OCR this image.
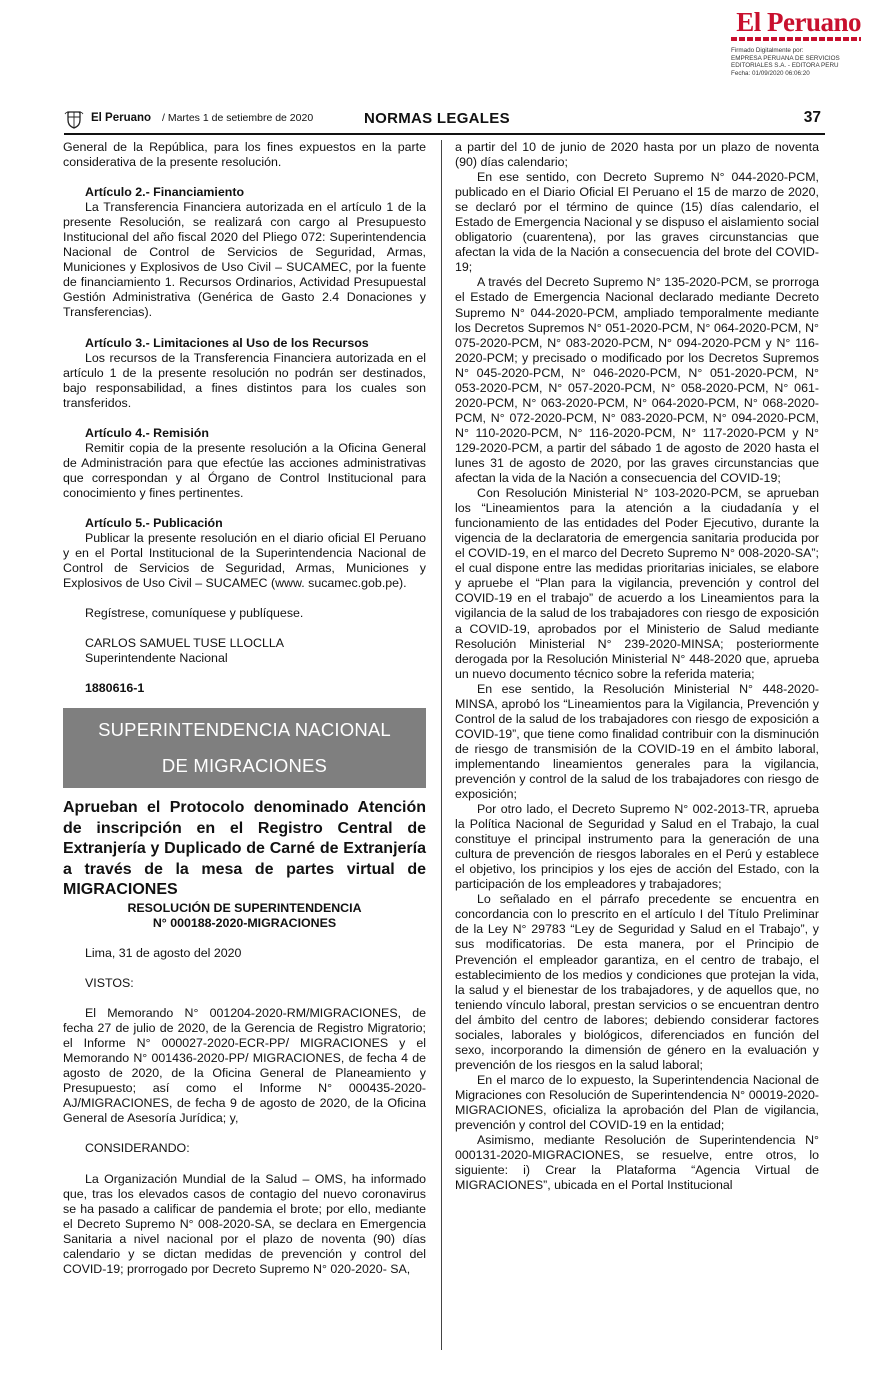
El Peruano
Firmado Digitalmente por:
EMPRESA PERUANA DE SERVICIOS
EDITORIALES S.A. - EDITORA PERU
Fecha: 01/09/2020 06:06:20
El Peruano / Martes 1 de setiembre de 2020	NORMAS LEGALES	37

General de la República, para los fines expuestos en la parte considerativa de la presente resolución.

Artículo 2.- Financiamiento

La Transferencia Financiera autorizada en el artículo 1 de la presente Resolución, se realizará con cargo al Presupuesto Institucional del año fiscal 2020 del Pliego 072: Superintendencia Nacional de Control de Servicios de Seguridad, Armas, Municiones y Explosivos de Uso Civil – SUCAMEC, por la fuente de financiamiento 1. Recursos Ordinarios, Actividad Presupuestal Gestión Administrativa (Genérica de Gasto 2.4 Donaciones y Transferencias).

Artículo 3.- Limitaciones al Uso de los Recursos

Los recursos de la Transferencia Financiera autorizada en el artículo 1 de la presente resolución no podrán ser destinados, bajo responsabilidad, a fines distintos para los cuales son transferidos.

Artículo 4.- Remisión

Remitir copia de la presente resolución a la Oficina General de Administración para que efectúe las acciones administrativas que correspondan y al Órgano de Control Institucional para conocimiento y fines pertinentes.

Artículo 5.- Publicación

Publicar la presente resolución en el diario oficial El Peruano y en el Portal Institucional de la Superintendencia Nacional de Control de Servicios de Seguridad, Armas, Municiones y Explosivos de Uso Civil – SUCAMEC (www. sucamec.gob.pe).

Regístrese, comuníquese y publíquese.

CARLOS SAMUEL TUSE LLOCLLA

Superintendente Nacional

1880616-1

SUPERINTENDENCIA NACIONAL
DE MIGRACIONES

Aprueban el Protocolo denominado Atención de inscripción en el Registro Central de Extranjería y Duplicado de Carné de Extranjería a través de la mesa de partes virtual de MIGRACIONES

RESOLUCIÓN DE SUPERINTENDENCIA

N° 000188-2020-MIGRACIONES

Lima, 31 de agosto del 2020

VISTOS:

El Memorando N° 001204-2020-RM/MIGRACIONES, de fecha 27 de julio de 2020, de la Gerencia de Registro Migratorio; el Informe N° 000027-2020-ECR-PP/ MIGRACIONES y el Memorando N° 001436-2020-PP/ MIGRACIONES, de fecha 4 de agosto de 2020, de la Oficina General de Planeamiento y Presupuesto; así como el Informe N° 000435-2020-AJ/MIGRACIONES, de fecha 9 de agosto de 2020, de la Oficina General de Asesoría Jurídica; y,

CONSIDERANDO:

La Organización Mundial de la Salud – OMS, ha informado que, tras los elevados casos de contagio del nuevo coronavirus se ha pasado a calificar de pandemia el brote; por ello, mediante el Decreto Supremo N° 008-2020-SA, se declara en Emergencia Sanitaria a nivel nacional por el plazo de noventa (90) días calendario y se dictan medidas de prevención y control del COVID-19; prorrogado por Decreto Supremo N° 020-2020- SA,

a partir del 10 de junio de 2020 hasta por un plazo de noventa (90) días calendario;

En ese sentido, con Decreto Supremo N° 044-2020-PCM, publicado en el Diario Oficial El Peruano el 15 de marzo de 2020, se declaró por el término de quince (15) días calendario, el Estado de Emergencia Nacional y se dispuso el aislamiento social obligatorio (cuarentena), por las graves circunstancias que afectan la vida de la Nación a consecuencia del brote del COVID-19;

A través del Decreto Supremo N° 135-2020-PCM, se prorroga el Estado de Emergencia Nacional declarado mediante Decreto Supremo N° 044-2020-PCM, ampliado temporalmente mediante los Decretos Supremos N° 051-2020-PCM, N° 064-2020-PCM, N° 075-2020-PCM, N° 083-2020-PCM, N° 094-2020-PCM y N° 116-2020-PCM; y precisado o modificado por los Decretos Supremos N° 045-2020-PCM, N° 046-2020-PCM, N° 051-2020-PCM, N° 053-2020-PCM, N° 057-2020-PCM, N° 058-2020-PCM, N° 061-2020-PCM, N° 063-2020-PCM, N° 064-2020-PCM, N° 068-2020-PCM, N° 072-2020-PCM, N° 083-2020-PCM, N° 094-2020-PCM, N° 110-2020-PCM, N° 116-2020-PCM, N° 117-2020-PCM y N° 129-2020-PCM, a partir del sábado 1 de agosto de 2020 hasta el lunes 31 de agosto de 2020, por las graves circunstancias que afectan la vida de la Nación a consecuencia del COVID-19;

Con Resolución Ministerial N° 103-2020-PCM, se aprueban los “Lineamientos para la atención a la ciudadanía y el funcionamiento de las entidades del Poder Ejecutivo, durante la vigencia de la declaratoria de emergencia sanitaria producida por el COVID-19, en el marco del Decreto Supremo N° 008-2020-SA”; el cual dispone entre las medidas prioritarias iniciales, se elabore y apruebe el “Plan para la vigilancia, prevención y control del COVID-19 en el trabajo” de acuerdo a los Lineamientos para la vigilancia de la salud de los trabajadores con riesgo de exposición a COVID-19, aprobados por el Ministerio de Salud mediante Resolución Ministerial N° 239-2020-MINSA; posteriormente derogada por la Resolución Ministerial N° 448-2020 que, aprueba un nuevo documento técnico sobre la referida materia;

En ese sentido, la Resolución Ministerial N° 448-2020-MINSA, aprobó los “Lineamientos para la Vigilancia, Prevención y Control de la salud de los trabajadores con riesgo de exposición a COVID-19”, que tiene como finalidad contribuir con la disminución de riesgo de transmisión de la COVID-19 en el ámbito laboral, implementando lineamientos generales para la vigilancia, prevención y control de la salud de los trabajadores con riesgo de exposición;

Por otro lado, el Decreto Supremo N° 002-2013-TR, aprueba la Política Nacional de Seguridad y Salud en el Trabajo, la cual constituye el principal instrumento para la generación de una cultura de prevención de riesgos laborales en el Perú y establece el objetivo, los principios y los ejes de acción del Estado, con la participación de los empleadores y trabajadores;

Lo señalado en el párrafo precedente se encuentra en concordancia con lo prescrito en el artículo I del Título Preliminar de la Ley N° 29783 “Ley de Seguridad y Salud en el Trabajo”, y sus modificatorias. De esta manera, por el Principio de Prevención el empleador garantiza, en el centro de trabajo, el establecimiento de los medios y condiciones que protejan la vida, la salud y el bienestar de los trabajadores, y de aquellos que, no teniendo vínculo laboral, prestan servicios o se encuentran dentro del ámbito del centro de labores; debiendo considerar factores sociales, laborales y biológicos, diferenciados en función del sexo, incorporando la dimensión de género en la evaluación y prevención de los riesgos en la salud laboral;

En el marco de lo expuesto, la Superintendencia Nacional de Migraciones con Resolución de Superintendencia N° 00019-2020-MIGRACIONES, oficializa la aprobación del Plan de vigilancia, prevención y control del COVID-19 en la entidad;

Asimismo, mediante Resolución de Superintendencia N° 000131-2020-MIGRACIONES, se resuelve, entre otros, lo siguiente: i) Crear la Plataforma “Agencia Virtual de MIGRACIONES”, ubicada en el Portal Institucional
